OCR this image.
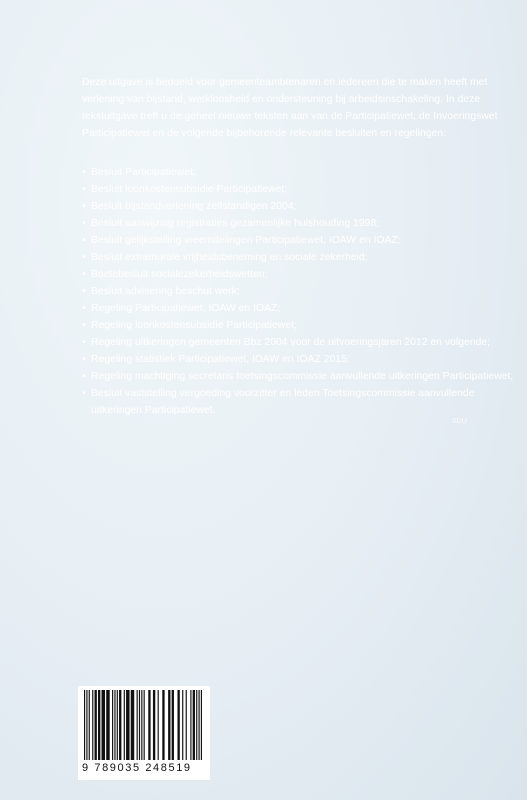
Deze uitgave is bedoeld voor gemeenteambtenaren en iedereen die te maken heeft met
verlening van bijstand, werkloosheid en ondersteuning bij arbeidsinschakeling. In deze
tekstuitgave treft u de geheel nieuwe teksten aan van de Participatiewet, de Invoeringswet
Participatiewet en de volgende bijbehorende relevante besluiten en regelingen:

• Besluit Participatiewet;
• Besluit loonkostensubsidie Participatiewet;
• Besluit bijstandverlening zelfstandigen 2004;
• Besluit aanwijzing registraties gezamenlijke huishouding 1998;
• Besluit gelijkstelling vreemdelingen Participatiewet, IOAW en IOAZ;
• Besluit extramurale vrijheidsbeneming en sociale zekerheid;
• Boetebesluit socialezekerheidswetten;
• Besluit advisering beschut werk;
• Regeling Participatiewet, IOAW en IOAZ;
• Regeling loonkostensubsidie Participatiewet;
• Regeling uitkeringen gemeenten Bbz 2004 voor de uitvoeringsjaren 2012 en volgende;
• Regeling statistiek Participatiewet, IOAW en IOAZ 2015;
• Regeling machtiging secretaris toetsingscommissie aanvullende uitkeringen Participatiewet;
• Besluit vaststelling vergoeding voorzitter en leden Toetsingscommissie aanvullende
uitkeringen Participatiewet.
SDU
9 789035 248519
